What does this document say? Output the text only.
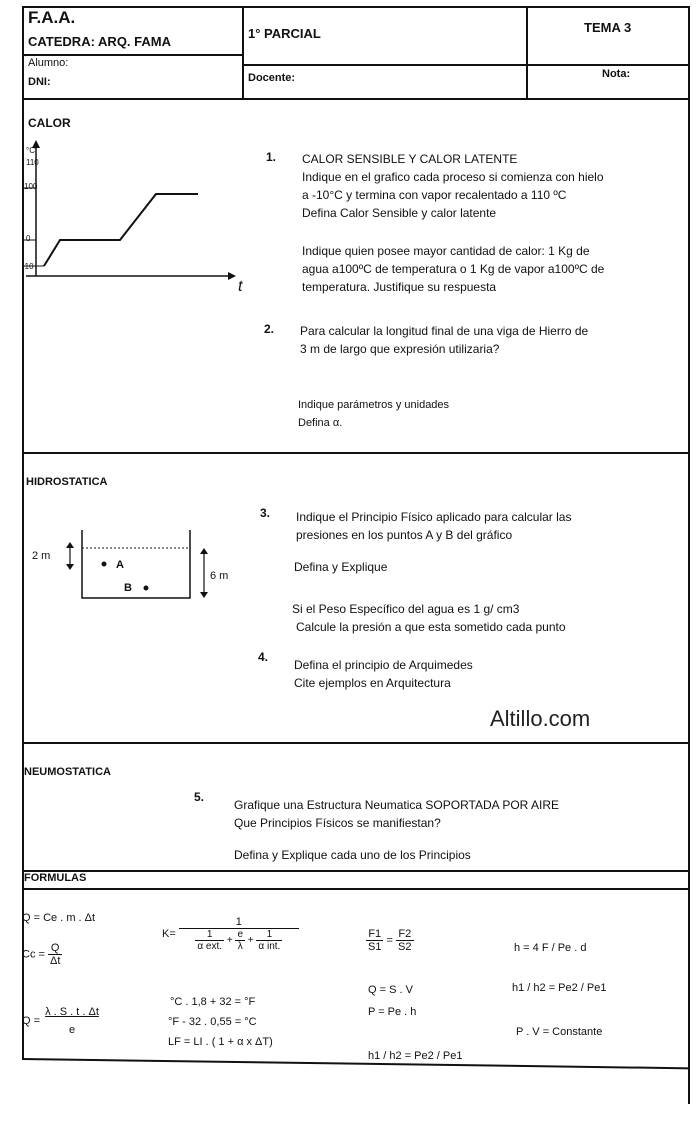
F.A.A.
CATEDRA: ARQ. FAMA
Alumno:
DNI:
1° PARCIAL	TEMA 3
Docente:	Nota:
CALOR
°C
110
100
0
-10
t
1. CALOR SENSIBLE Y CALOR LATENTE

Indique en el grafico cada proceso si comienza con hielo

a -10°C y termina con vapor recalentado a 110 ºC

Defina Calor Sensible y calor latente

Indique quien posee mayor cantidad de calor: 1 Kg de

agua a100ºC de temperatura o 1 Kg de vapor a100ºC de

temperatura. Justifique su respuesta

2. Para calcular la longitud final de una viga de Hierro de

3 m de largo que expresión utilizaria?

Indique parámetros y unidades

Defina α.

HIDROSTATICA
2 m
6 m
A
B
3. Indique el Principio Físico aplicado para calcular las

presiones en los puntos A y B del gráfico

Defina y Explique

Si el Peso Específico del agua es 1 g/ cm3

Calcule la presión a que esta sometido cada punto

4.

Defina el principio de Arquimedes

Cite ejemplos en Arquitectura

Altillo.com
NEUMOSTATICA
5.

Grafique una Estructura Neumatica SOPORTADA POR AIRE

Que Principios Físicos se manifiestan?

Defina y Explique cada uno de los Principios
FORMULAS
Q = Ce . m . Δt
$Cc = \frac{Q}{\Delta t}$
$Q = \frac{\lambda . S . t . \Delta t}{e}$
$K= \frac{1}{\frac{1}{\text{α ext.}} + \frac{e}{\lambda} + \frac{1}{\text{α int.}}}$
°C . 1,8 + 32 = °F
°F - 32 . 0,55 = °C
LF = LI . ( 1 + α x ΔT)
$\frac{F1}{S1} = \frac{F2}{S2}$
Q = S . V
P = Pe . h
h1 / h2 = Pe2 / Pe1
h = 4 F / Pe . d
h1 / h2 = Pe2 / Pe1
P . V = Constante
